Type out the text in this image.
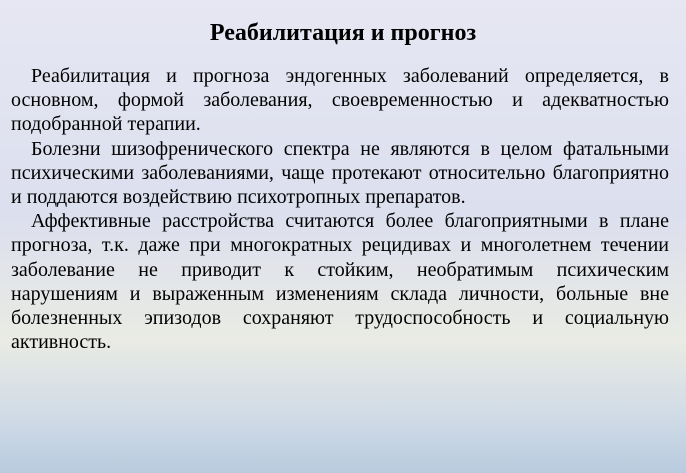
Реабилитация и прогноз

Реабилитация и прогноза эндогенных заболеваний определяется, в основном, формой заболевания, своевременностью и адекватностью подобранной терапии.

Болезни шизофренического спектра не являются в целом фатальными психическими заболеваниями, чаще протекают относительно благоприятно и поддаются воздействию психотропных препаратов.

Аффективные расстройства считаются более благоприятными в плане прогноза, т.к. даже при многократных рецидивах и многолетнем течении заболевание не приводит к стойким, необратимым психическим нарушениям и выраженным изменениям склада личности, больные вне болезненных эпизодов сохраняют трудоспособность и социальную активность.
